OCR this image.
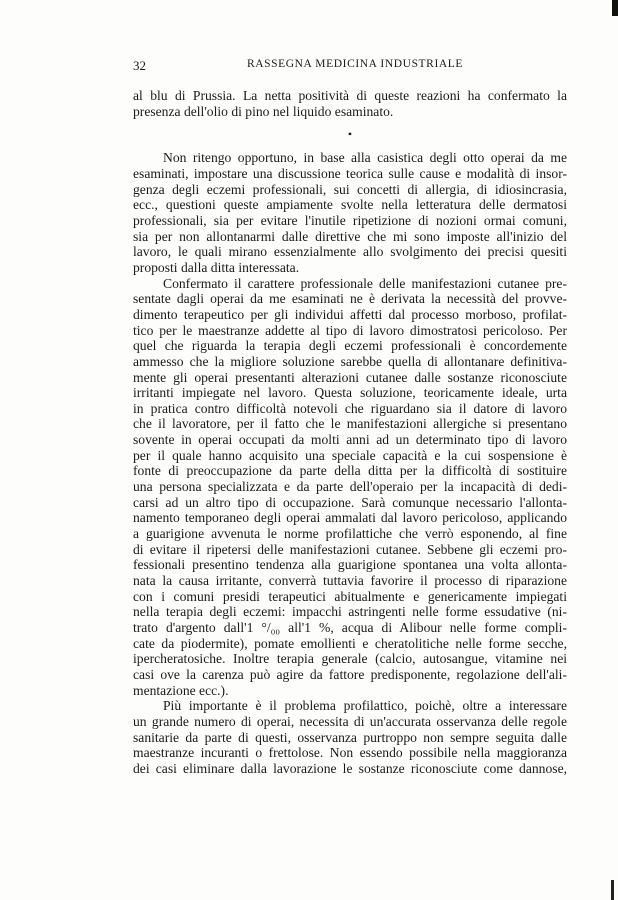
32	RASSEGNA MEDICINA INDUSTRIALE
al blu di Prussia. La netta positività di queste reazioni ha confermato la
presenza dell'olio di pino nel liquido esaminato.
•
Non ritengo opportuno, in base alla casistica degli otto operai da me
esaminati, impostare una discussione teorica sulle cause e modalità di insor-
genza degli eczemi professionali, sui concetti di allergia, di idiosincrasia,
ecc., questioni queste ampiamente svolte nella letteratura delle dermatosi
professionali, sia per evitare l'inutile ripetizione di nozioni ormai comuni,
sia per non allontanarmi dalle direttive che mi sono imposte all'inizio del
lavoro, le quali mirano essenzialmente allo svolgimento dei precisi quesiti
proposti dalla ditta interessata.
Confermato il carattere professionale delle manifestazioni cutanee pre-
sentate dagli operai da me esaminati ne è derivata la necessità del provve-
dimento terapeutico per gli individui affetti dal processo morboso, profilat-
tico per le maestranze addette al tipo di lavoro dimostratosi pericoloso. Per
quel che riguarda la terapia degli eczemi professionali è concordemente
ammesso che la migliore soluzione sarebbe quella di allontanare definitiva-
mente gli operai presentanti alterazioni cutanee dalle sostanze riconosciute
irritanti impiegate nel lavoro. Questa soluzione, teoricamente ideale, urta
in pratica contro difficoltà notevoli che riguardano sia il datore di lavoro
che il lavoratore, per il fatto che le manifestazioni allergiche si presentano
sovente in operai occupati da molti anni ad un determinato tipo di lavoro
per il quale hanno acquisito una speciale capacità e la cui sospensione è
fonte di preoccupazione da parte della ditta per la difficoltà di sostituire
una persona specializzata e da parte dell'operaio per la incapacità di dedi-
carsi ad un altro tipo di occupazione. Sarà comunque necessario l'allonta-
namento temporaneo degli operai ammalati dal lavoro pericoloso, applicando
a guarigione avvenuta le norme profilattiche che verrò esponendo, al fine
di evitare il ripetersi delle manifestazioni cutanee. Sebbene gli eczemi pro-
fessionali presentino tendenza alla guarigione spontanea una volta allonta-
nata la causa irritante, converrà tuttavia favorire il processo di riparazione
con i comuni presidi terapeutici abitualmente e genericamente impiegati
nella terapia degli eczemi: impacchi astringenti nelle forme essudative (ni-
trato d'argento dall'1 °/₀₀ all'1 %, acqua di Alibour nelle forme compli-
cate da piodermite), pomate emollienti e cheratolitiche nelle forme secche,
ipercheratosiche. Inoltre terapia generale (calcio, autosangue, vitamine nei
casi ove la carenza può agire da fattore predisponente, regolazione dell'ali-
mentazione ecc.).
Più importante è il problema profilattico, poichè, oltre a interessare
un grande numero di operai, necessita di un'accurata osservanza delle regole
sanitarie da parte di questi, osservanza purtroppo non sempre seguita dalle
maestranze incuranti o frettolose. Non essendo possibile nella maggioranza
dei casi eliminare dalla lavorazione le sostanze riconosciute come dannose,
